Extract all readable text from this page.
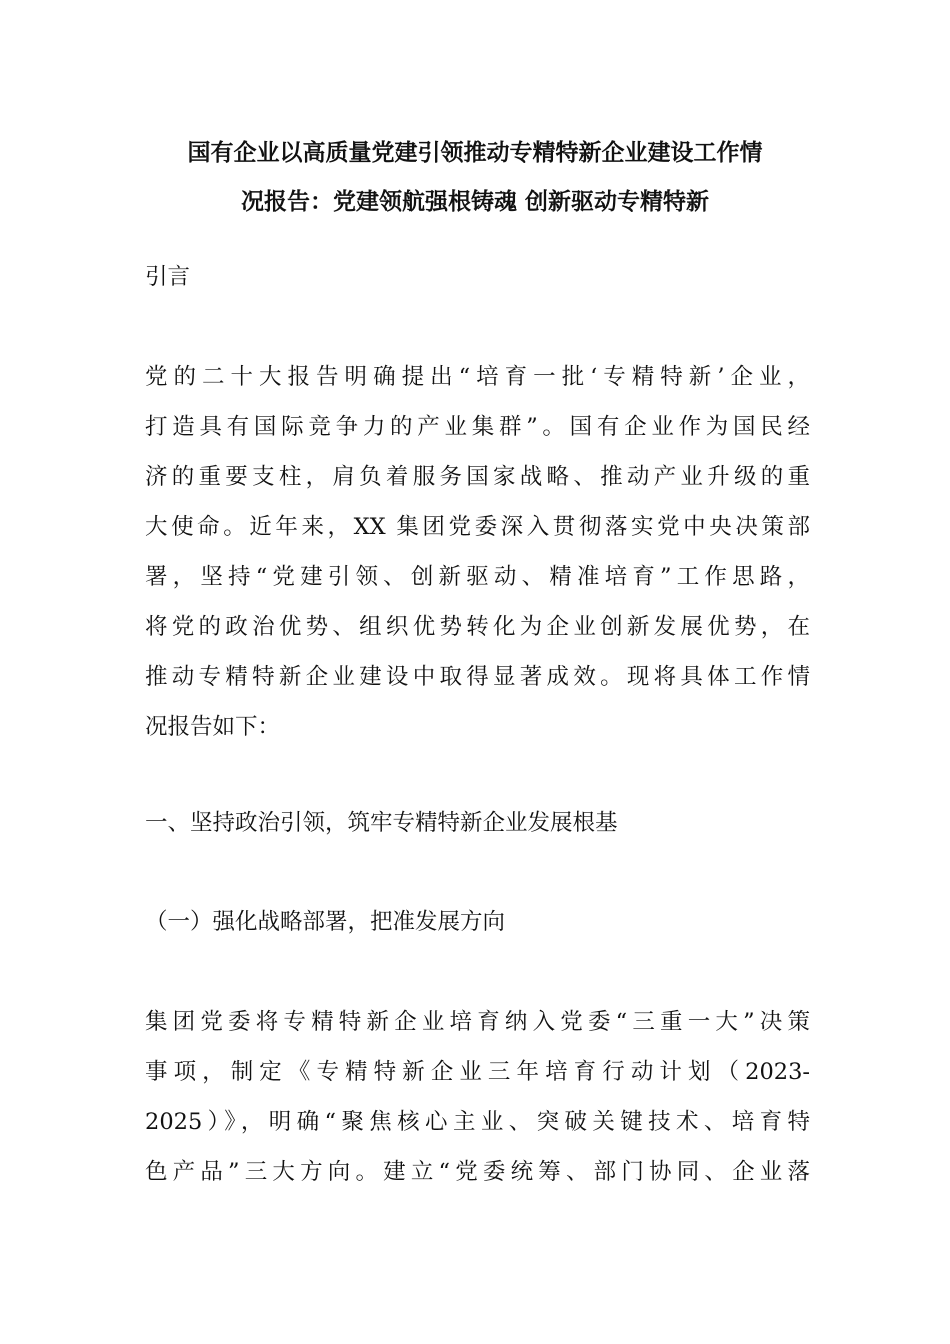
国有企业以高质量党建引领推动专精特新企业建设工作情
况报告：党建领航强根铸魂 创新驱动专精特新

引言

党的二十大报告明确提出“培育一批‘专精特新’企业，
打造具有国际竞争力的产业集群”。国有企业作为国民经
济的重要支柱，肩负着服务国家战略、推动产业升级的重
大使命。近年来，XX 集团党委深入贯彻落实党中央决策部
署，坚持“党建引领、创新驱动、精准培育”工作思路，
将党的政治优势、组织优势转化为企业创新发展优势，在
推动专精特新企业建设中取得显著成效。现将具体工作情
况报告如下：

一、坚持政治引领，筑牢专精特新企业发展根基

（一）强化战略部署，把准发展方向

集团党委将专精特新企业培育纳入党委“三重一大”决策
事项，制定《专精特新企业三年培育行动计划（2023-
2025）》，明确“聚焦核心主业、突破关键技术、培育特
色产品”三大方向。建立“党委统筹、部门协同、企业落
